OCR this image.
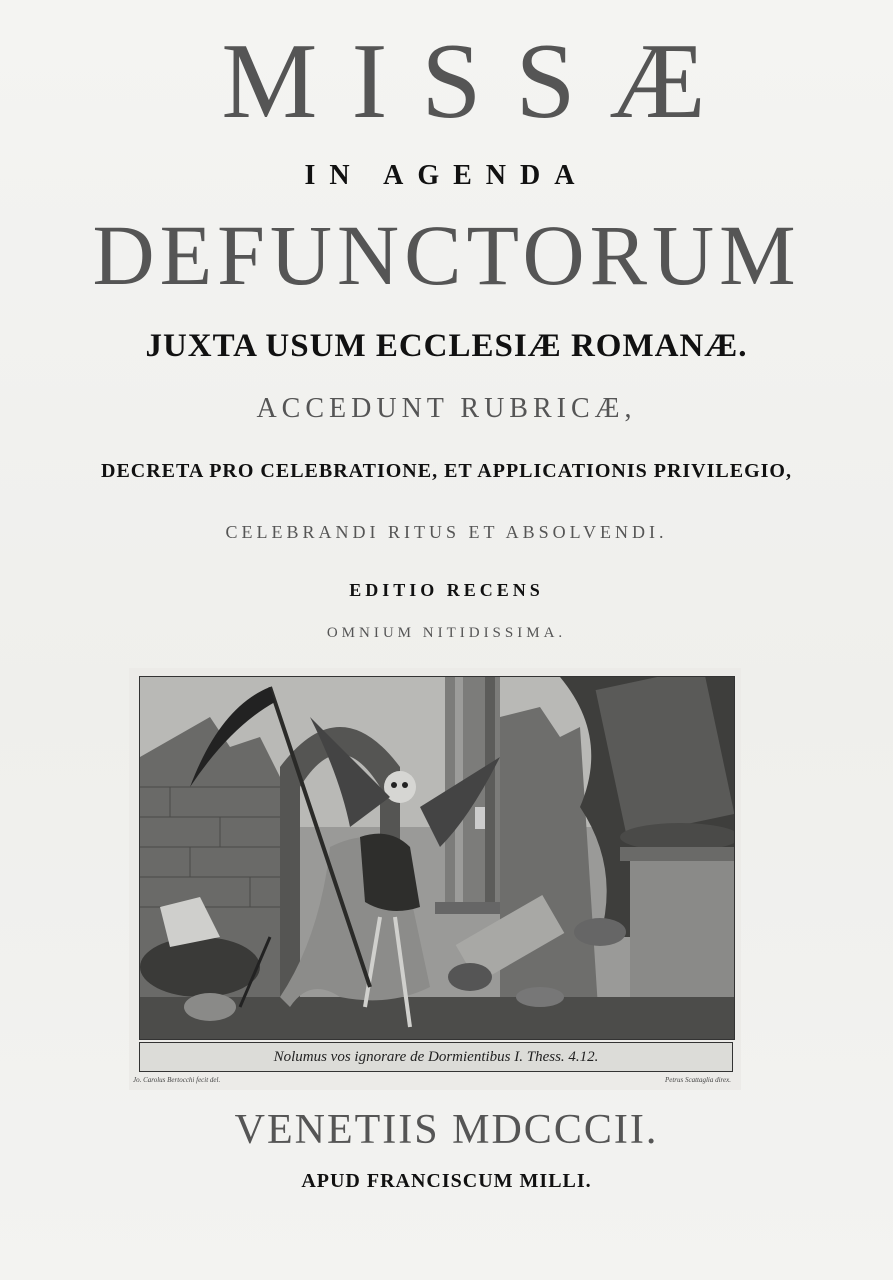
MISSÆ
IN AGENDA
DEFUNCTORUM
JUXTA USUM ECCLESIÆ ROMANÆ.
ACCEDUNT RUBRICÆ,
DECRETA PRO CELEBRATIONE, ET APPLICATIONIS PRIVILEGIO,
CELEBRANDI RITUS ET ABSOLVENDI.
EDITIO RECENS
OMNIUM NITIDISSIMA.
Nolumus vos ignorare de Dormientibus I. Thess. 4.12.
Jo. Carolus Bertocchi fecit del.	Petrus Scattaglia direx.
VENETIIS MDCCCII.
APUD FRANCISCUM MILLI.
